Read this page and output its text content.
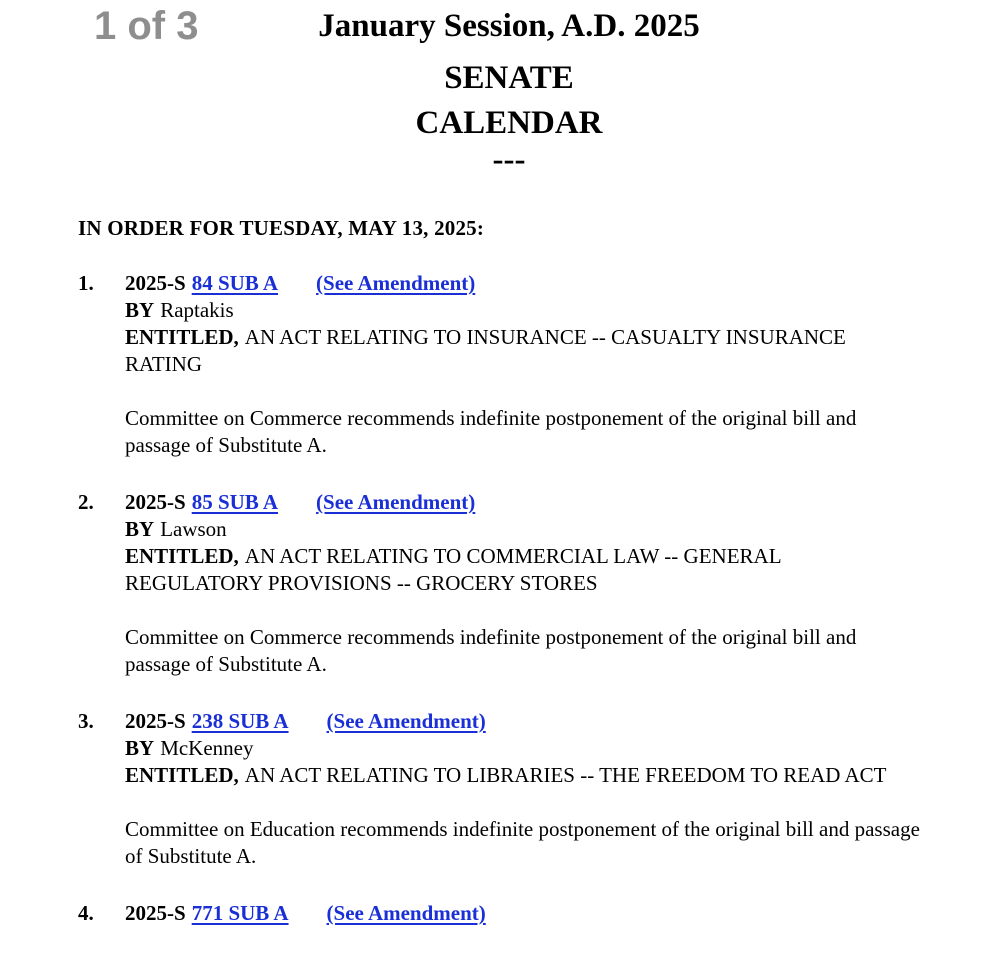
1 of 3	January Session, A.D. 2025
SENATE
CALENDAR
---
IN ORDER FOR TUESDAY, MAY 13, 2025:
1. 2025-S 84 SUB A (See Amendment)
BY Raptakis
ENTITLED, AN ACT RELATING TO INSURANCE -- CASUALTY INSURANCE
RATING
Committee on Commerce recommends indefinite postponement of the original bill and
passage of Substitute A.
2. 2025-S 85 SUB A (See Amendment)
BY Lawson
ENTITLED, AN ACT RELATING TO COMMERCIAL LAW -- GENERAL
REGULATORY PROVISIONS -- GROCERY STORES
Committee on Commerce recommends indefinite postponement of the original bill and
passage of Substitute A.
3. 2025-S 238 SUB A (See Amendment)
BY McKenney
ENTITLED, AN ACT RELATING TO LIBRARIES -- THE FREEDOM TO READ ACT
Committee on Education recommends indefinite postponement of the original bill and passage
of Substitute A.
4. 2025-S 771 SUB A (See Amendment)
